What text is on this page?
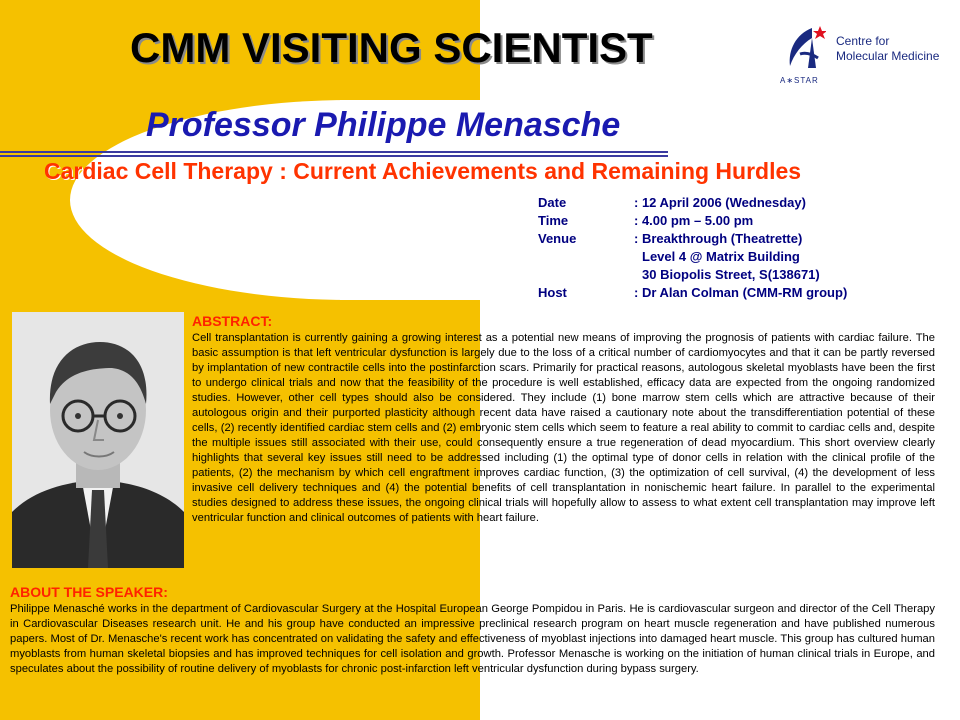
CMM VISITING SCIENTIST	Centre for
Molecular Medicine
A∗STAR
Professor Philippe Menasche
Cardiac Cell Therapy : Current Achievements and Remaining Hurdles
Date	: 12 April 2006 (Wednesday)
Time	: 4.00 pm – 5.00 pm
Venue	: Breakthrough (Theatrette)
Level 4 @ Matrix Building
30 Biopolis Street, S(138671)
Host	: Dr Alan Colman (CMM-RM group)
ABSTRACT:
Cell transplantation is currently gaining a growing interest as a potential new means of improving the prognosis of patients with cardiac failure. The basic assumption is that left ventricular dysfunction is largely due to the loss of a critical number of cardiomyocytes and that it can be partly reversed by implantation of new contractile cells into the postinfarction scars. Primarily for practical reasons, autologous skeletal myoblasts have been the first to undergo clinical trials and now that the feasibility of the procedure is well established, efficacy data are expected from the ongoing randomized studies. However, other cell types should also be considered. They include (1) bone marrow stem cells which are attractive because of their autologous origin and their purported plasticity although recent data have raised a cautionary note about the transdifferentiation potential of these cells, (2) recently identified cardiac stem cells and (2) embryonic stem cells which seem to feature a real ability to commit to cardiac cells and, despite the multiple issues still associated with their use, could consequently ensure a true regeneration of dead myocardium. This short overview clearly highlights that several key issues still need to be addressed including (1) the optimal type of donor cells in relation with the clinical profile of the patients, (2) the mechanism by which cell engraftment improves cardiac function, (3) the optimization of cell survival, (4) the development of less invasive cell delivery techniques and (4) the potential benefits of cell transplantation in nonischemic heart failure. In parallel to the experimental studies designed to address these issues, the ongoing clinical trials will hopefully allow to assess to what extent cell transplantation may improve left ventricular function and clinical outcomes of patients with heart failure.
ABOUT THE SPEAKER:
Philippe Menasché works in the department of Cardiovascular Surgery at the Hospital European George Pompidou in Paris. He is cardiovascular surgeon and director of the Cell Therapy in Cardiovascular Diseases research unit. He and his group have conducted an impressive preclinical research program on heart muscle regeneration and have published numerous papers. Most of Dr. Menasche's recent work has concentrated on validating the safety and effectiveness of myoblast injections into damaged heart muscle. This group has cultured human myoblasts from human skeletal biopsies and has improved techniques for cell isolation and growth. Professor Menasche is working on the initiation of human clinical trials in Europe, and speculates about the possibility of routine delivery of myoblasts for chronic post-infarction left ventricular dysfunction during bypass surgery.
